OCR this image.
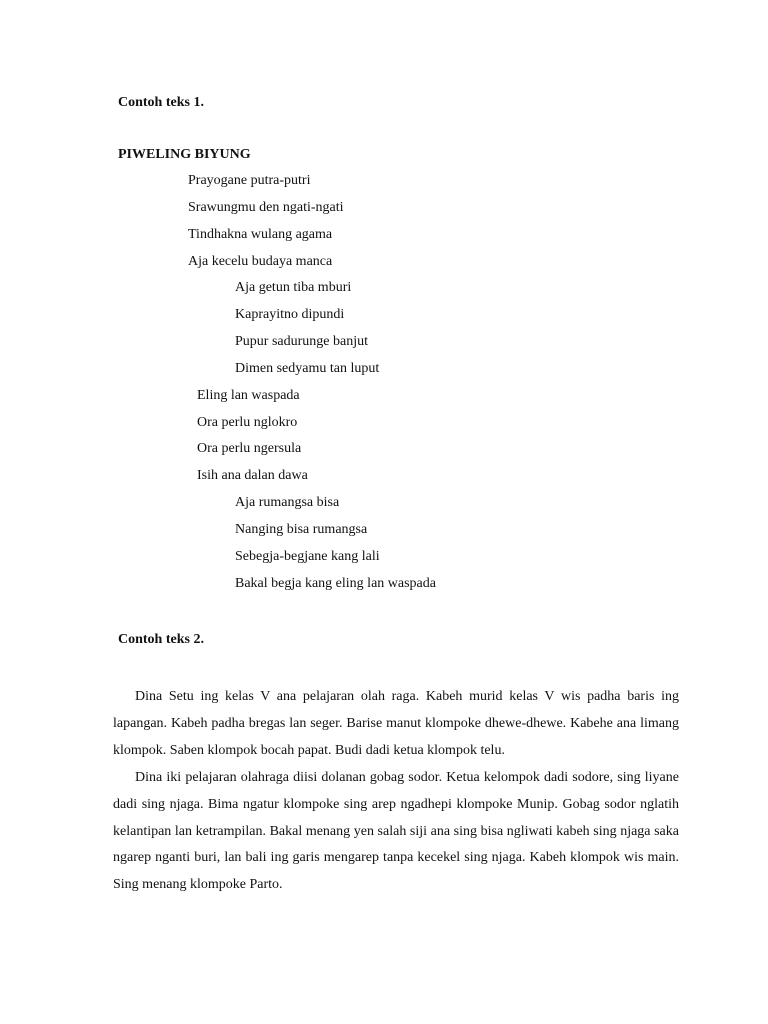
Contoh teks 1.
PIWELING BIYUNG
Prayogane putra-putri
Srawungmu den ngati-ngati
Tindhakna wulang agama
Aja kecelu budaya manca
Aja getun tiba mburi
Kaprayitno dipundi
Pupur sadurunge banjut
Dimen sedyamu tan luput
Eling lan waspada
Ora perlu nglokro
Ora perlu ngersula
Isih ana dalan dawa
Aja rumangsa bisa
Nanging bisa rumangsa
Sebegja-begjane kang lali
Bakal begja kang eling lan waspada
Contoh teks 2.

Dina Setu ing kelas V ana pelajaran olah raga. Kabeh murid kelas V wis padha baris ing lapangan. Kabeh padha bregas lan seger. Barise manut klompoke dhewe-dhewe. Kabehe ana limang klompok. Saben klompok bocah papat. Budi dadi ketua klompok telu.

Dina iki pelajaran olahraga diisi dolanan gobag sodor. Ketua kelompok dadi sodore, sing liyane dadi sing njaga. Bima ngatur klompoke sing arep ngadhepi klompoke Munip. Gobag sodor nglatih kelantipan lan ketrampilan. Bakal menang yen salah siji ana sing bisa ngliwati kabeh sing njaga saka ngarep nganti buri, lan bali ing garis mengarep tanpa kecekel sing njaga. Kabeh klompok wis main. Sing menang klompoke Parto.
